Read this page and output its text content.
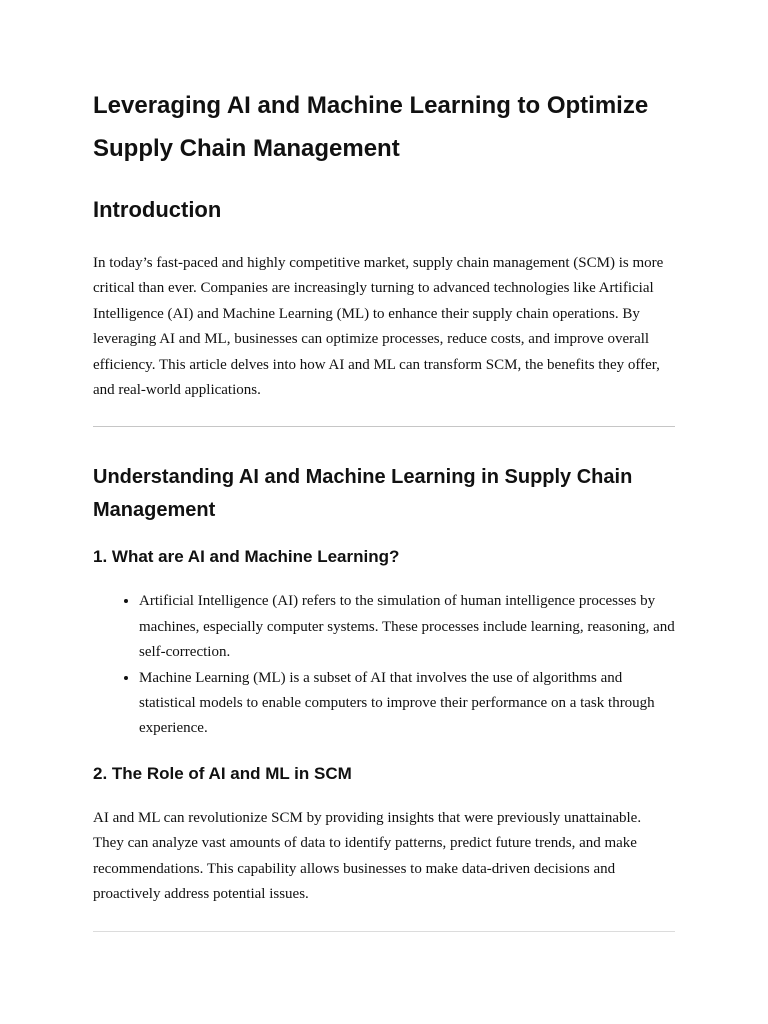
Leveraging AI and Machine Learning to Optimize Supply Chain Management
Introduction

In today’s fast-paced and highly competitive market, supply chain management (SCM) is more critical than ever. Companies are increasingly turning to advanced technologies like Artificial Intelligence (AI) and Machine Learning (ML) to enhance their supply chain operations. By leveraging AI and ML, businesses can optimize processes, reduce costs, and improve overall efficiency. This article delves into how AI and ML can transform SCM, the benefits they offer, and real-world applications.

Understanding AI and Machine Learning in Supply Chain Management
1. What are AI and Machine Learning?
• Artificial Intelligence (AI) refers to the simulation of human intelligence processes by machines, especially computer systems. These processes include learning, reasoning, and self-correction.
• Machine Learning (ML) is a subset of AI that involves the use of algorithms and statistical models to enable computers to improve their performance on a task through experience.
2. The Role of AI and ML in SCM

AI and ML can revolutionize SCM by providing insights that were previously unattainable. They can analyze vast amounts of data to identify patterns, predict future trends, and make recommendations. This capability allows businesses to make data-driven decisions and proactively address potential issues.
